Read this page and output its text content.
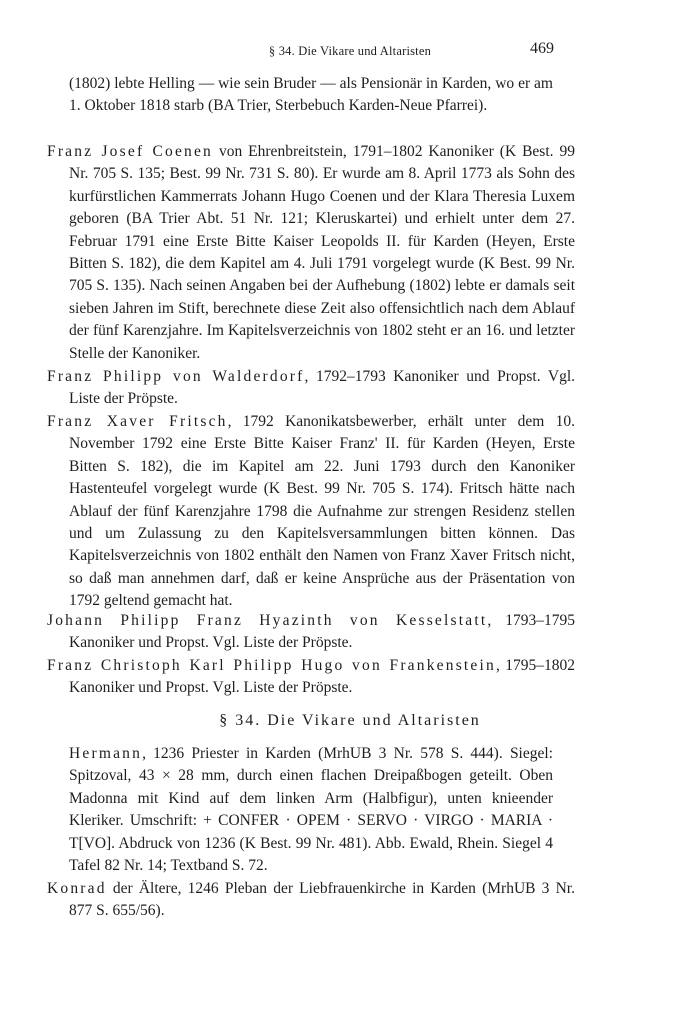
§ 34. Die Vikare und Altaristen	469
(1802) lebte Helling — wie sein Bruder — als Pensionär in Karden, wo er am 1. Oktober 1818 starb (BA Trier, Sterbebuch Karden-Neue Pfarrei).
Franz Josef Coenen von Ehrenbreitstein, 1791–1802 Kanoniker (K Best. 99 Nr. 705 S. 135; Best. 99 Nr. 731 S. 80). Er wurde am 8. April 1773 als Sohn des kurfürstlichen Kammerrats Johann Hugo Coenen und der Klara Theresia Luxem geboren (BA Trier Abt. 51 Nr. 121; Kleruskartei) und erhielt unter dem 27. Februar 1791 eine Erste Bitte Kaiser Leopolds II. für Karden (Heyen, Erste Bitten S. 182), die dem Kapitel am 4. Juli 1791 vorgelegt wurde (K Best. 99 Nr. 705 S. 135). Nach seinen Angaben bei der Aufhebung (1802) lebte er damals seit sieben Jahren im Stift, berechnete diese Zeit also offensichtlich nach dem Ablauf der fünf Karenzjahre. Im Kapitelsverzeichnis von 1802 steht er an 16. und letzter Stelle der Kanoniker.
Franz Philipp von Walderdorf, 1792–1793 Kanoniker und Propst. Vgl. Liste der Pröpste.
Franz Xaver Fritsch, 1792 Kanonikatsbewerber, erhält unter dem 10. November 1792 eine Erste Bitte Kaiser Franz' II. für Karden (Heyen, Erste Bitten S. 182), die im Kapitel am 22. Juni 1793 durch den Kanoniker Hastenteufel vorgelegt wurde (K Best. 99 Nr. 705 S. 174). Fritsch hätte nach Ablauf der fünf Karenzjahre 1798 die Aufnahme zur strengen Residenz stellen und um Zulassung zu den Kapitelsversammlungen bitten können. Das Kapitelsverzeichnis von 1802 enthält den Namen von Franz Xaver Fritsch nicht, so daß man annehmen darf, daß er keine Ansprüche aus der Präsentation von 1792 geltend gemacht hat.
Johann Philipp Franz Hyazinth von Kesselstatt, 1793–1795 Kanoniker und Propst. Vgl. Liste der Pröpste.
Franz Christoph Karl Philipp Hugo von Frankenstein, 1795–1802 Kanoniker und Propst. Vgl. Liste der Pröpste.
§ 34. Die Vikare und Altaristen
Hermann, 1236 Priester in Karden (MrhUB 3 Nr. 578 S. 444). Siegel: Spitzoval, 43 × 28 mm, durch einen flachen Dreipaßbogen geteilt. Oben Madonna mit Kind auf dem linken Arm (Halbfigur), unten knieender Kleriker. Umschrift: + CONFER · OPEM · SERVO · VIRGO · MARIA · T[VO]. Abdruck von 1236 (K Best. 99 Nr. 481). Abb. Ewald, Rhein. Siegel 4 Tafel 82 Nr. 14; Textband S. 72.
Konrad der Ältere, 1246 Pleban der Liebfrauenkirche in Karden (MrhUB 3 Nr. 877 S. 655/56).
